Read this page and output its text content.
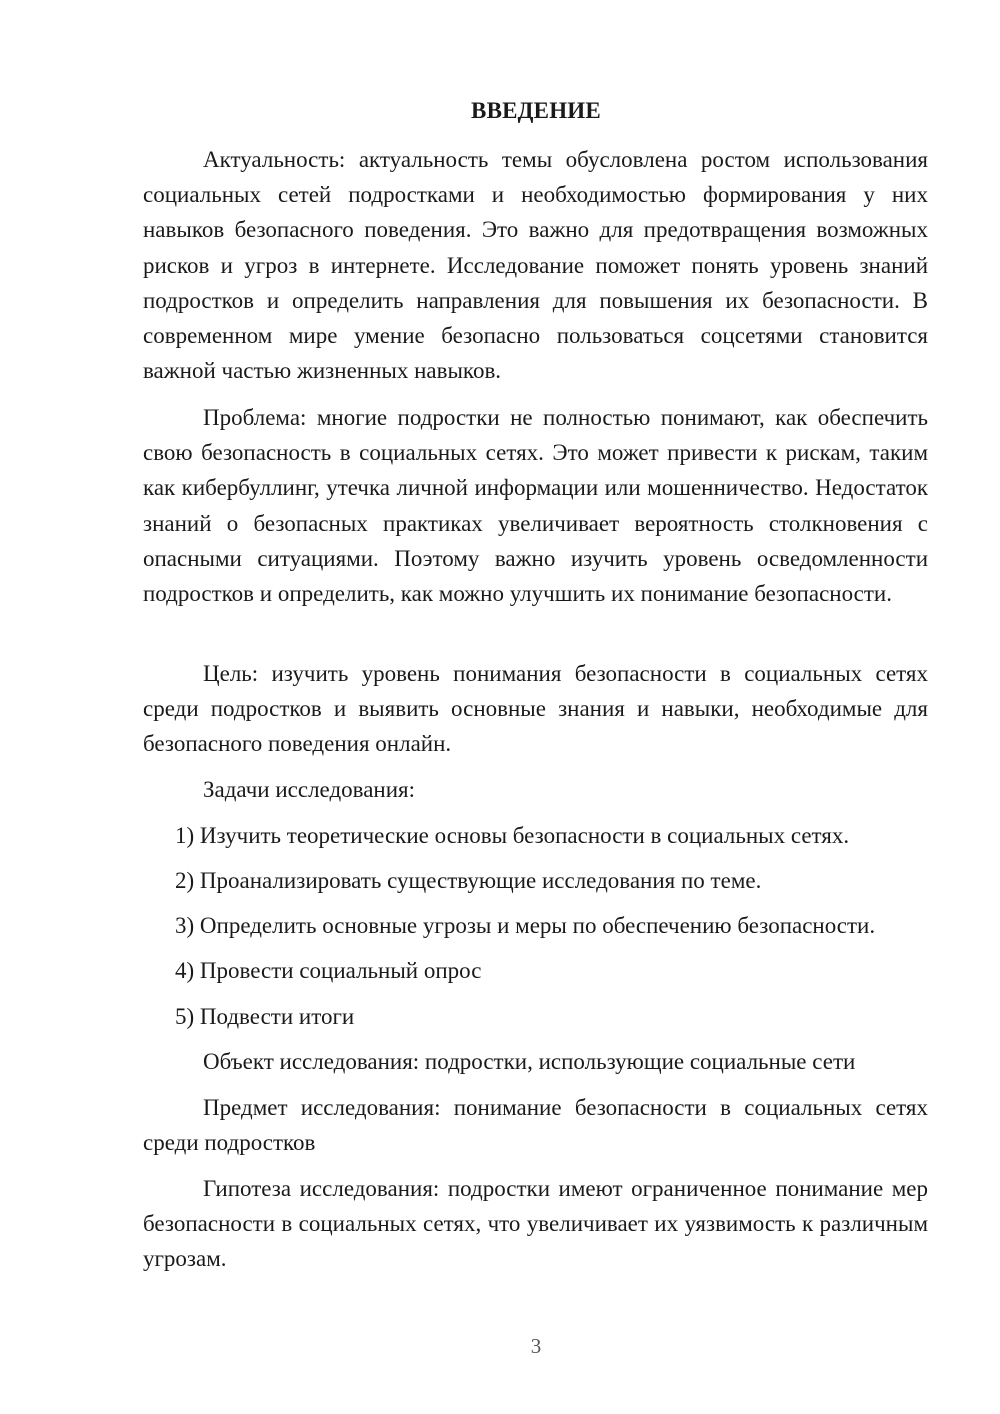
ВВЕДЕНИЕ

Актуальность: актуальность темы обусловлена ростом использования социальных сетей подростками и необходимостью формирования у них навыков безопасного поведения. Это важно для предотвращения возможных рисков и угроз в интернете. Исследование поможет понять уровень знаний подростков и определить направления для повышения их безопасности. В современном мире умение безопасно пользоваться соцсетями становится важной частью жизненных навыков.

Проблема: многие подростки не полностью понимают, как обеспечить свою безопасность в социальных сетях. Это может привести к рискам, таким как кибербуллинг, утечка личной информации или мошенничество. Недостаток знаний о безопасных практиках увеличивает вероятность столкновения с опасными ситуациями. Поэтому важно изучить уровень осведомленности подростков и определить, как можно улучшить их понимание безопасности.

Цель: изучить уровень понимания безопасности в социальных сетях среди подростков и выявить основные знания и навыки, необходимые для безопасного поведения онлайн.

Задачи исследования:
1) Изучить теоретические основы безопасности в социальных сетях.
2) Проанализировать существующие исследования по теме.
3) Определить основные угрозы и меры по обеспечению безопасности.
4) Провести социальный опрос
5) Подвести итоги
Объект исследования: подростки, использующие социальные сети

Предмет исследования: понимание безопасности в социальных сетях среди подростков

Гипотеза исследования: подростки имеют ограниченное понимание мер безопасности в социальных сетях, что увеличивает их уязвимость к различным угрозам.

3
